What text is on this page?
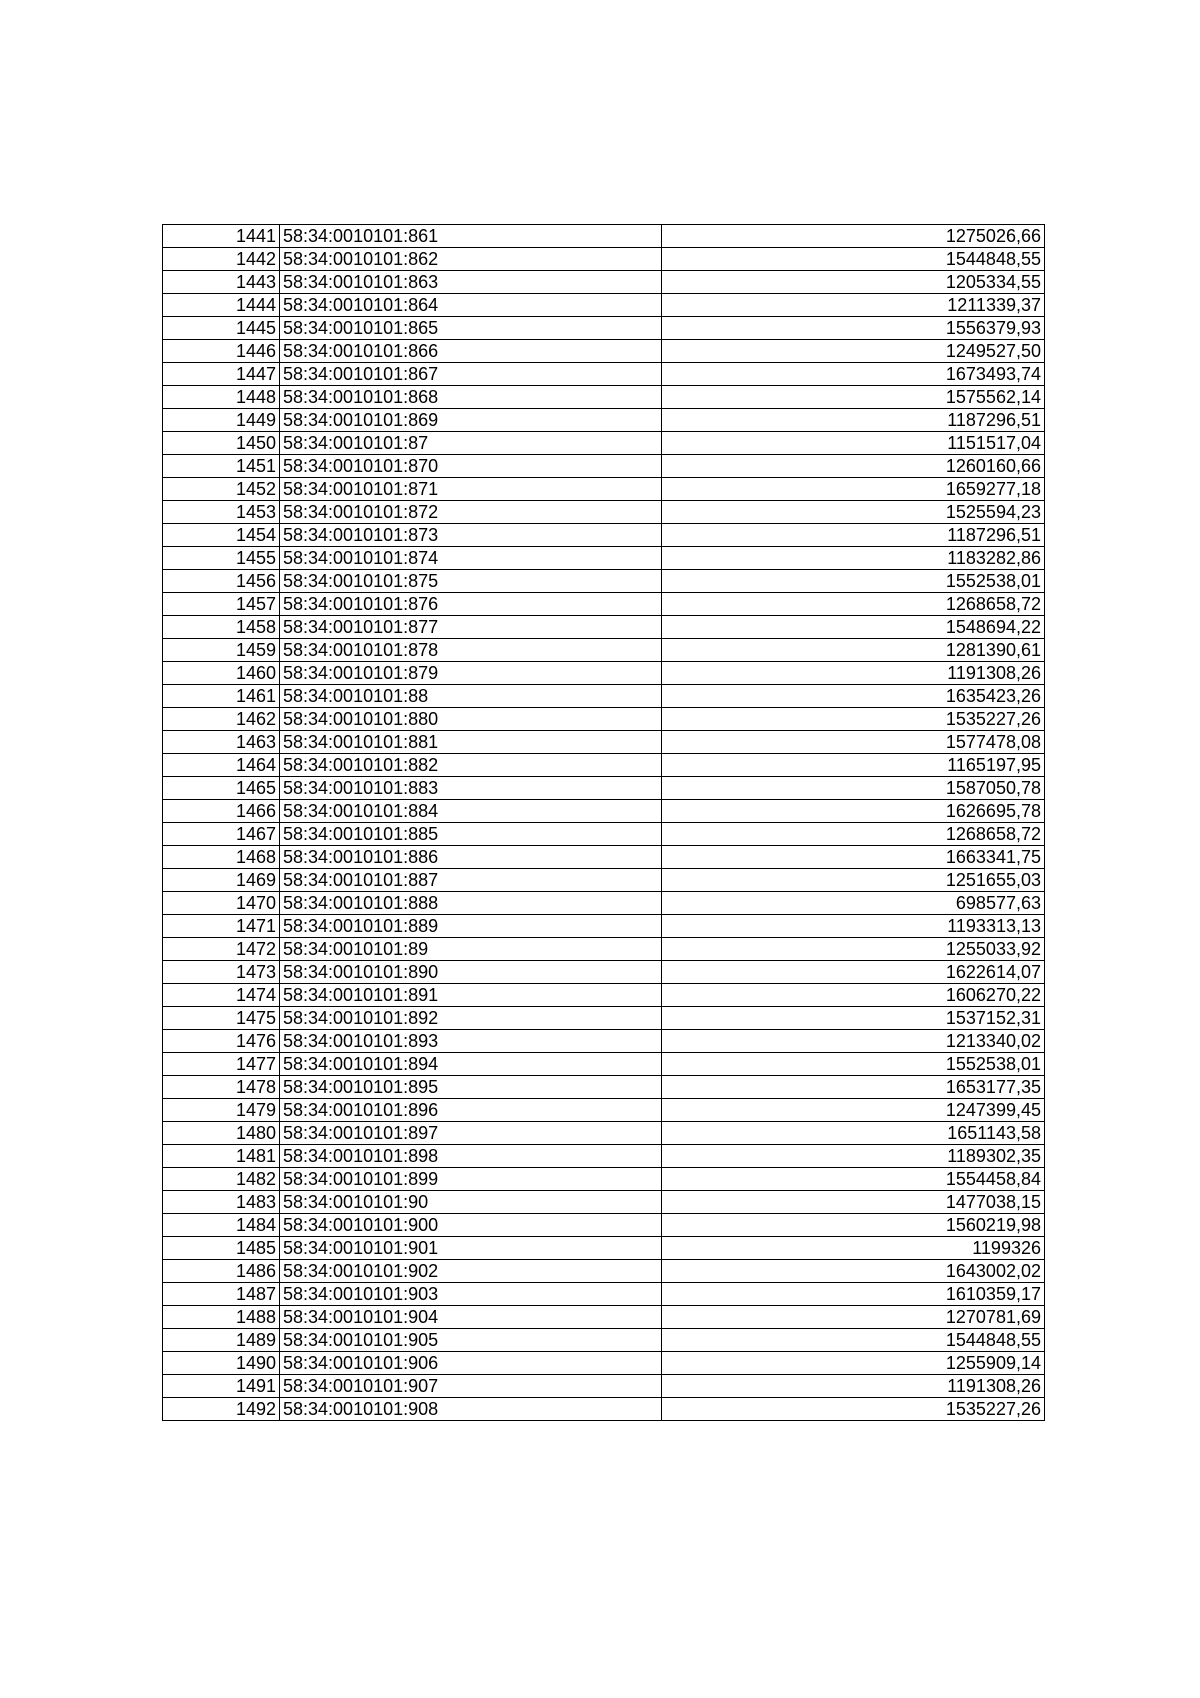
1441	58:34:0010101:861	1275026,66
1442	58:34:0010101:862	1544848,55
1443	58:34:0010101:863	1205334,55
1444	58:34:0010101:864	1211339,37
1445	58:34:0010101:865	1556379,93
1446	58:34:0010101:866	1249527,50
1447	58:34:0010101:867	1673493,74
1448	58:34:0010101:868	1575562,14
1449	58:34:0010101:869	1187296,51
1450	58:34:0010101:87	1151517,04
1451	58:34:0010101:870	1260160,66
1452	58:34:0010101:871	1659277,18
1453	58:34:0010101:872	1525594,23
1454	58:34:0010101:873	1187296,51
1455	58:34:0010101:874	1183282,86
1456	58:34:0010101:875	1552538,01
1457	58:34:0010101:876	1268658,72
1458	58:34:0010101:877	1548694,22
1459	58:34:0010101:878	1281390,61
1460	58:34:0010101:879	1191308,26
1461	58:34:0010101:88	1635423,26
1462	58:34:0010101:880	1535227,26
1463	58:34:0010101:881	1577478,08
1464	58:34:0010101:882	1165197,95
1465	58:34:0010101:883	1587050,78
1466	58:34:0010101:884	1626695,78
1467	58:34:0010101:885	1268658,72
1468	58:34:0010101:886	1663341,75
1469	58:34:0010101:887	1251655,03
1470	58:34:0010101:888	698577,63
1471	58:34:0010101:889	1193313,13
1472	58:34:0010101:89	1255033,92
1473	58:34:0010101:890	1622614,07
1474	58:34:0010101:891	1606270,22
1475	58:34:0010101:892	1537152,31
1476	58:34:0010101:893	1213340,02
1477	58:34:0010101:894	1552538,01
1478	58:34:0010101:895	1653177,35
1479	58:34:0010101:896	1247399,45
1480	58:34:0010101:897	1651143,58
1481	58:34:0010101:898	1189302,35
1482	58:34:0010101:899	1554458,84
1483	58:34:0010101:90	1477038,15
1484	58:34:0010101:900	1560219,98
1485	58:34:0010101:901	1199326
1486	58:34:0010101:902	1643002,02
1487	58:34:0010101:903	1610359,17
1488	58:34:0010101:904	1270781,69
1489	58:34:0010101:905	1544848,55
1490	58:34:0010101:906	1255909,14
1491	58:34:0010101:907	1191308,26
1492	58:34:0010101:908	1535227,26
